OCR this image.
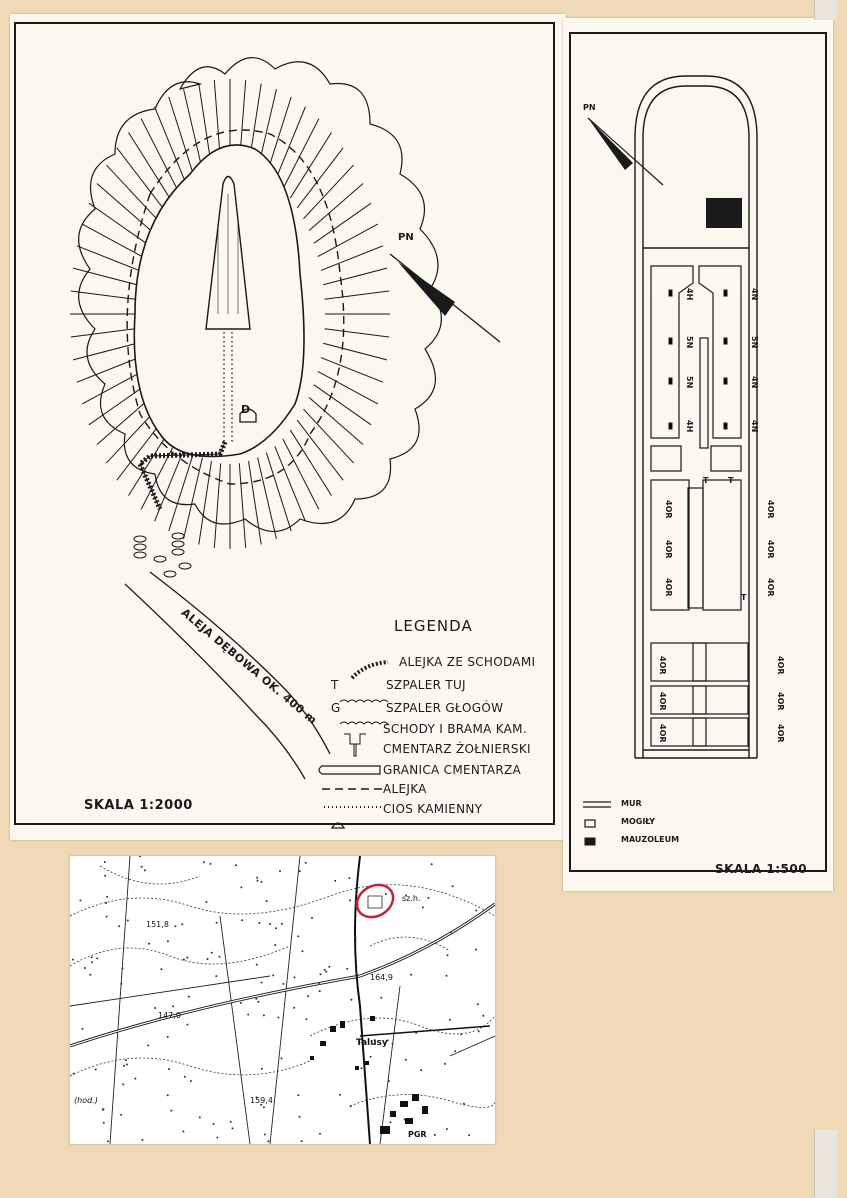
PN
D
ALEJA DĘBOWA OK. 400 m	LEGENDA
ALEJKA ZE SCHODAMI
T	SZPALER TUJ
G	SZPALER GŁOGÓW
SCHODY I BRAMA KAM.
CMENTARZ ŻOŁNIERSKI
GRANICA CMENTARZA
ALEJKA
CIOS KAMIENNY
SKALA 1:2000
PN
4H	4N
5N	5N
5N	4N
4H	4N
T T
T
4OR	4OR
4OR	4OR
4OR	4OR
4OR	4OR
4OR	4OR
4OR	4OR
MUR
MOGIŁY
MAUZOLEUM
SKALA 1:500
151,8
147,0
164,9
Talusy
159,4
(hod.)
PGR
sz.h.
